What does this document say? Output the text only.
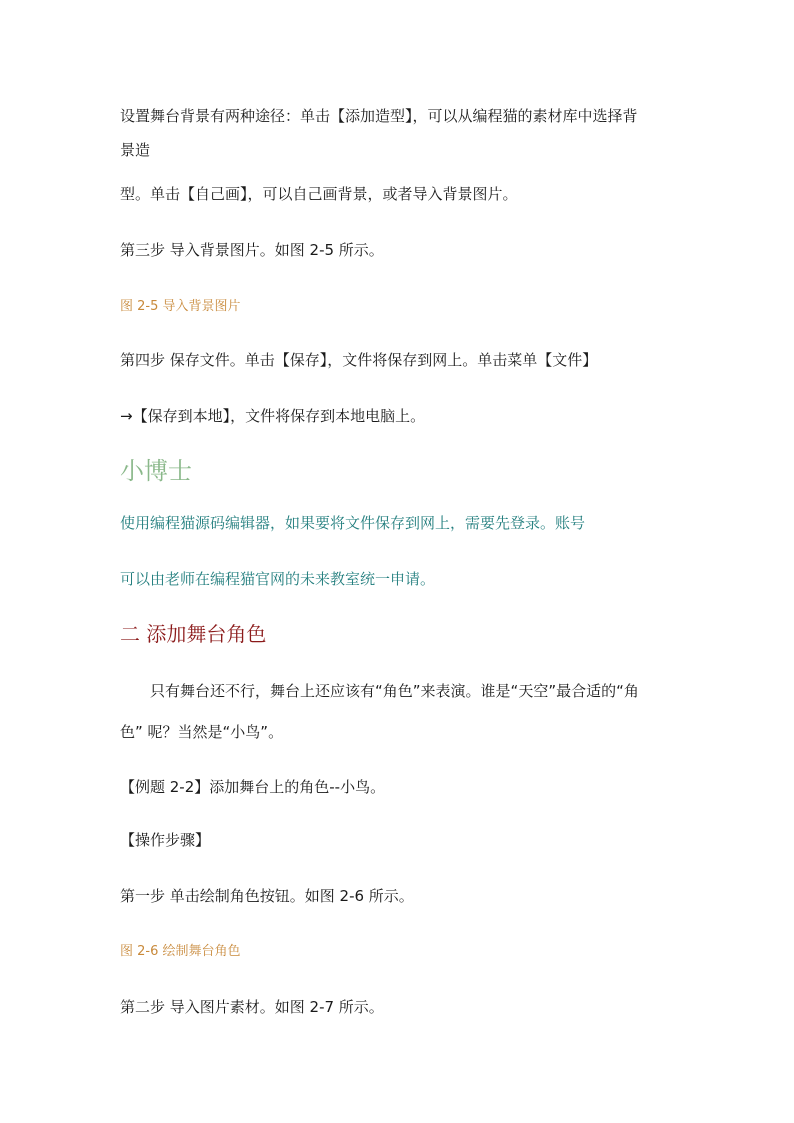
设置舞台背景有两种途径：单击【添加造型】，可以从编程猫的素材库中选择背
景造
型。单击【自己画】，可以自己画背景，或者导入背景图片。
第三步 导入背景图片。如图 2-5 所示。
图 2-5 导入背景图片
第四步 保存文件。单击【保存】，文件将保存到网上。单击菜单【文件】
→【保存到本地】，文件将保存到本地电脑上。
小博士
使用编程猫源码编辑器，如果要将文件保存到网上，需要先登录。账号
可以由老师在编程猫官网的未来教室统一申请。
二 添加舞台角色
只有舞台还不行，舞台上还应该有“角色”来表演。谁是“天空”最合适的“角
色” 呢？当然是“小鸟”。
【例题 2-2】添加舞台上的角色--小鸟。
【操作步骤】
第一步 单击绘制角色按钮。如图 2-6 所示。
图 2-6 绘制舞台角色
第二步 导入图片素材。如图 2-7 所示。
